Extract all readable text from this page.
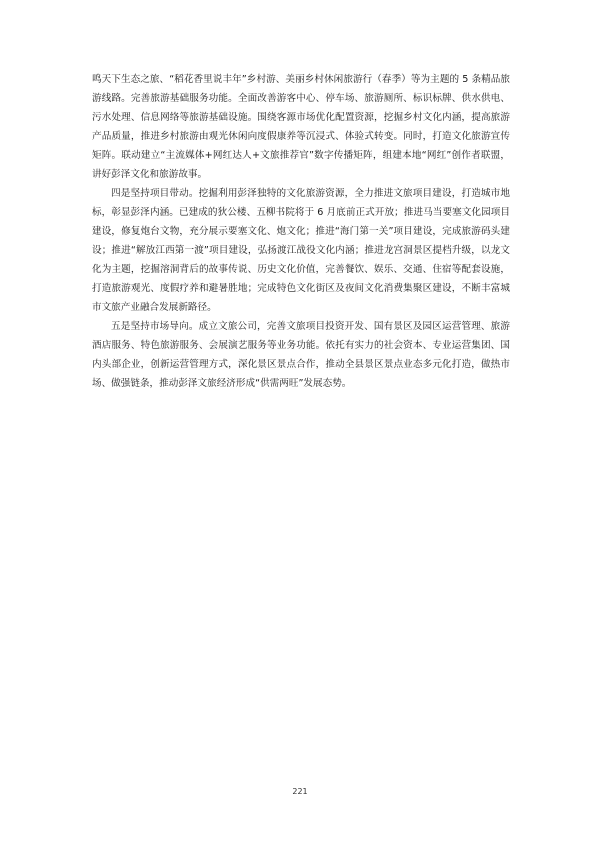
鸣天下生态之旅、“稻花香里说丰年”乡村游、美丽乡村休闲旅游行（春季）等为主题的 5 条精品旅游线路。完善旅游基础服务功能。全面改善游客中心、停车场、旅游厕所、标识标牌、供水供电、污水处理、信息网络等旅游基础设施。围绕客源市场优化配置资源，挖掘乡村文化内涵，提高旅游产品质量，推进乡村旅游由观光休闲向度假康养等沉浸式、体验式转变。同时，打造文化旅游宣传矩阵。联动建立“主流媒体+网红达人+文旅推荐官”数字传播矩阵，组建本地“网红”创作者联盟，讲好彭泽文化和旅游故事。

四是坚持项目带动。挖掘利用彭泽独特的文化旅游资源，全力推进文旅项目建设，打造城市地标，彰显彭泽内涵。已建成的狄公楼、五柳书院将于 6 月底前正式开放；推进马当要塞文化园项目建设，修复炮台文物，充分展示要塞文化、炮文化；推进“海门第一关”项目建设，完成旅游码头建设；推进“解放江西第一渡”项目建设，弘扬渡江战役文化内涵；推进龙宫洞景区提档升级，以龙文化为主题，挖掘溶洞背后的故事传说、历史文化价值，完善餐饮、娱乐、交通、住宿等配套设施，打造旅游观光、度假疗养和避暑胜地；完成特色文化街区及夜间文化消费集聚区建设，不断丰富城市文旅产业融合发展新路径。

五是坚持市场导向。成立文旅公司，完善文旅项目投资开发、国有景区及园区运营管理、旅游酒店服务、特色旅游服务、会展演艺服务等业务功能。依托有实力的社会资本、专业运营集团、国内头部企业，创新运营管理方式，深化景区景点合作，推动全县景区景点业态多元化打造，做热市场、做强链条，推动彭泽文旅经济形成“供需两旺”发展态势。

221
